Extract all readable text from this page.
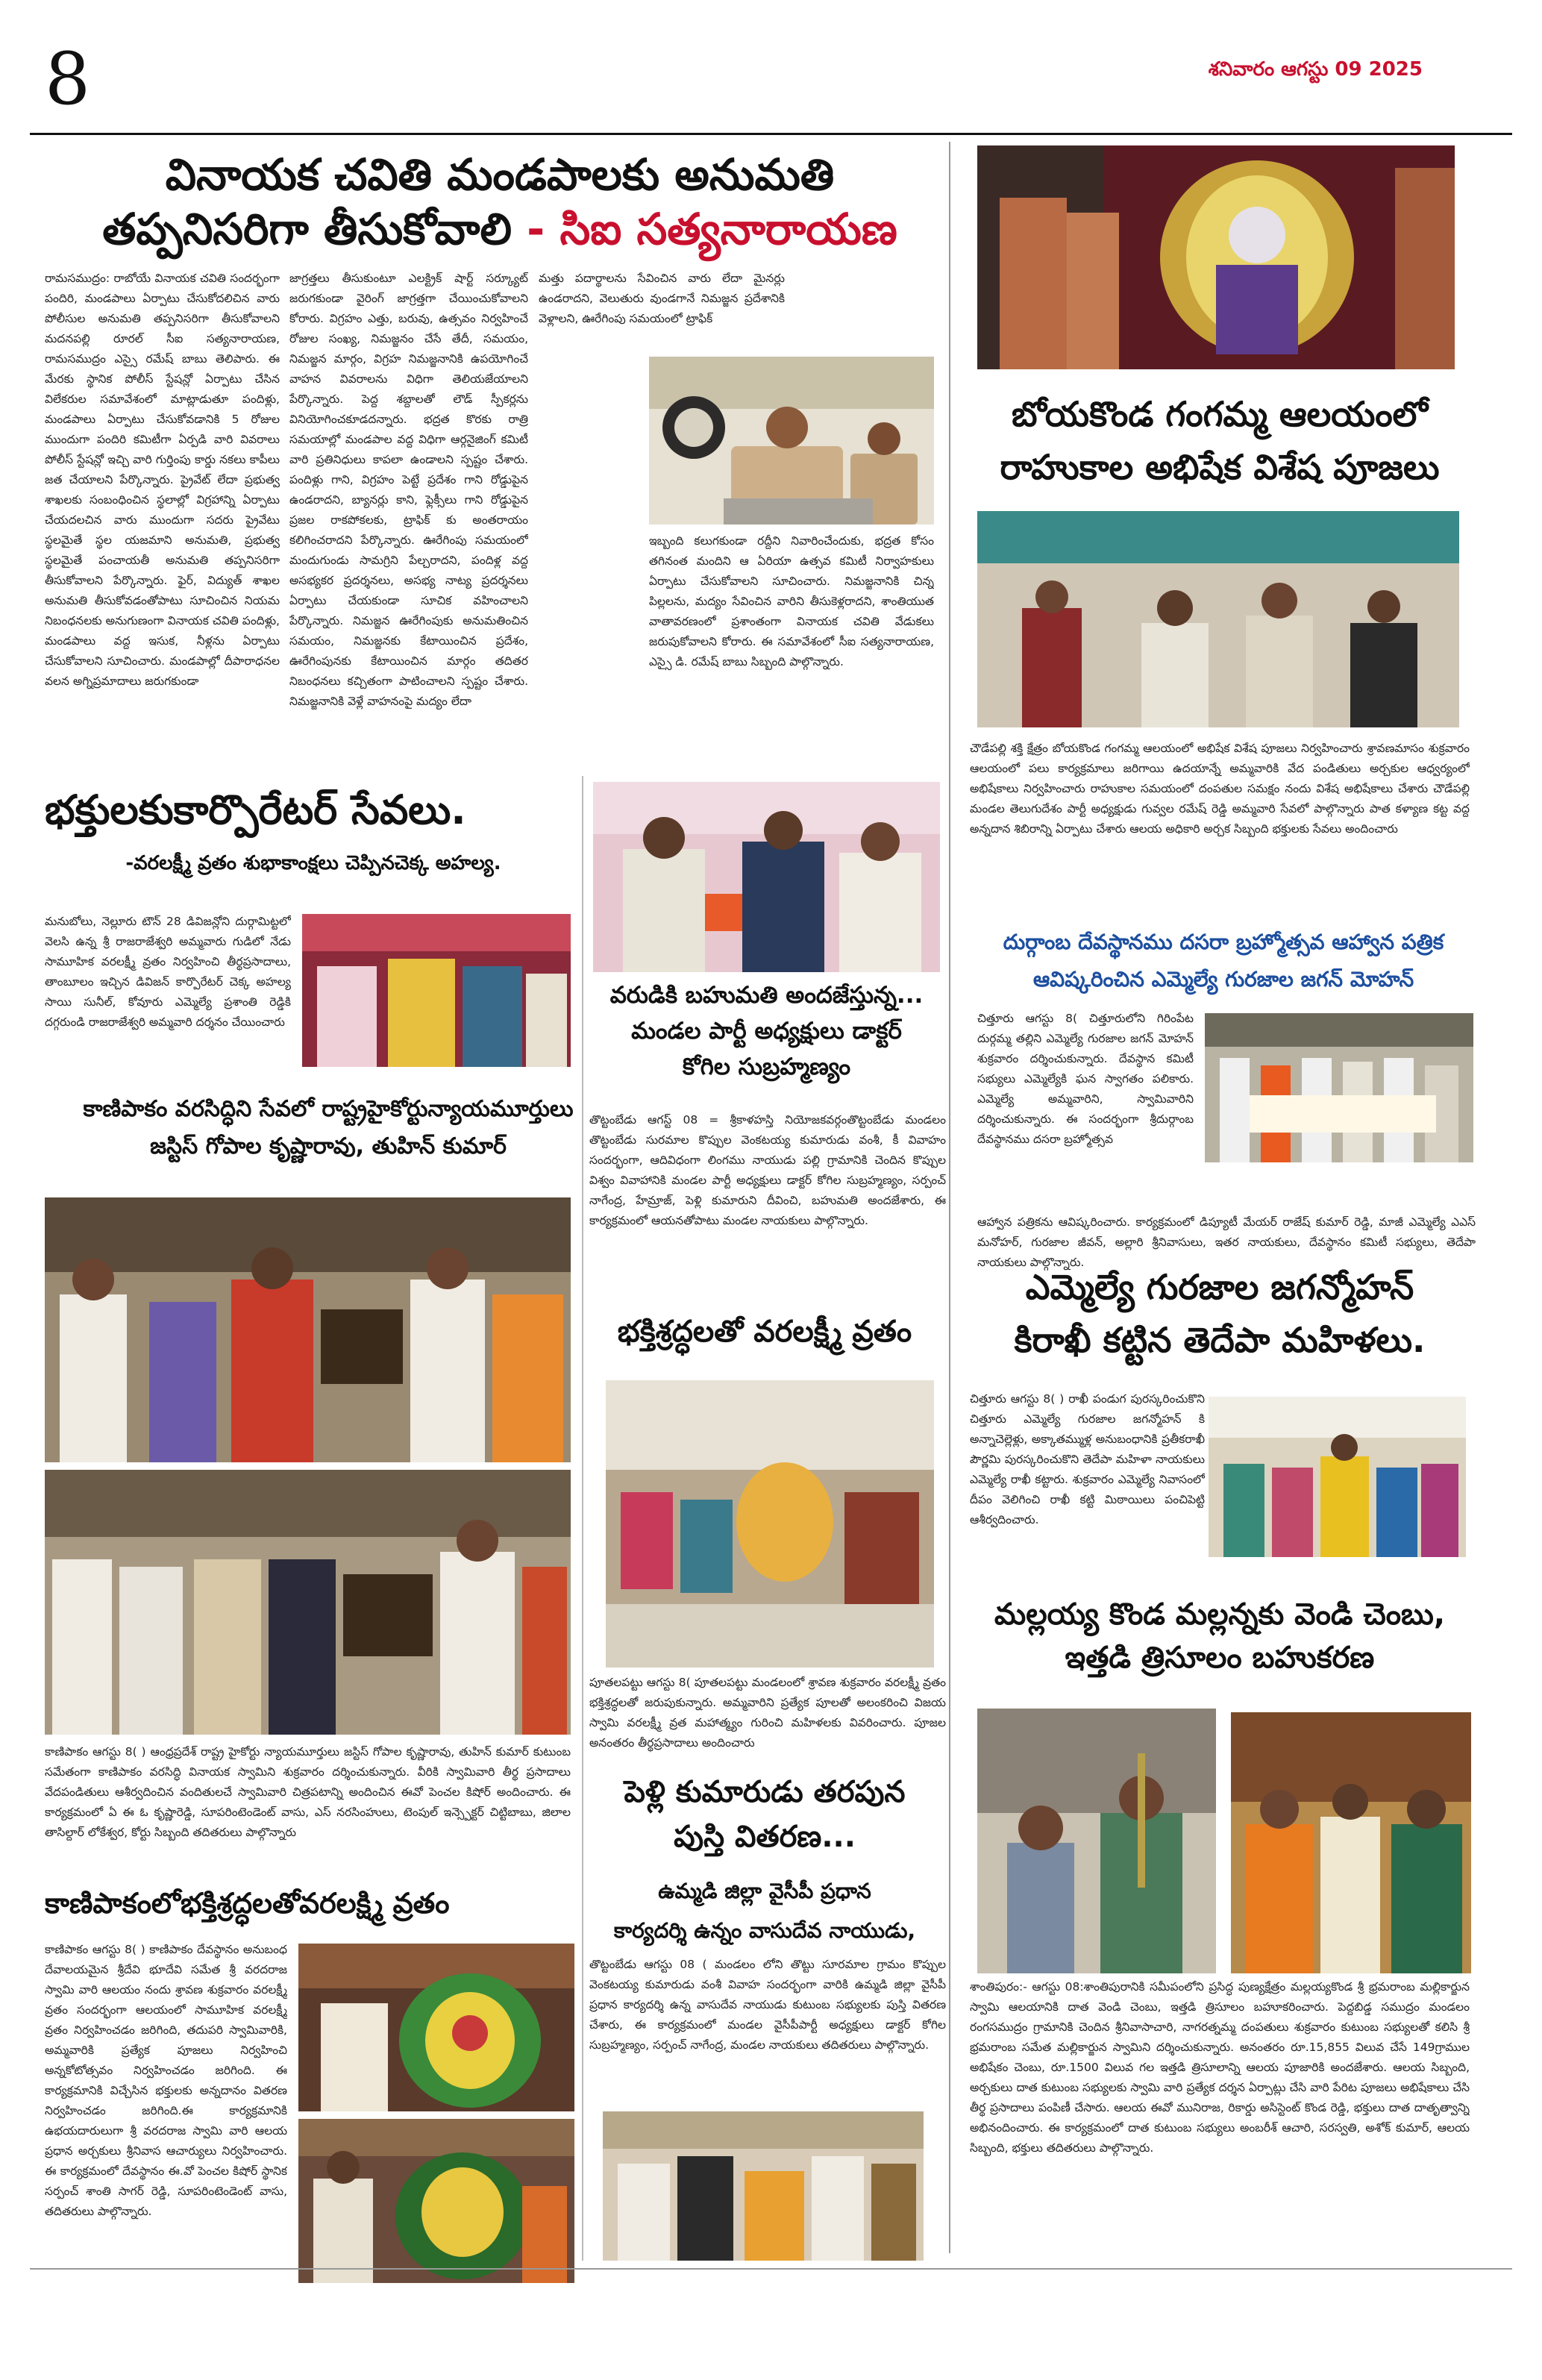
8	శనివారం ఆగస్టు 09 2025
వినాయక చవితి మండపాలకు అనుమతి
తప్పనిసరిగా తీసుకోవాలి - సిఐ సత్యనారాయణ
రామసముద్రం: రాబోయే వినాయక చవితి సందర్భంగా పందిరి, మండపాలు ఏర్పాటు చేసుకోదలిచిన వారు పోలీసుల అనుమతి తప్పనిసరిగా తీసుకోవాలని మదనపల్లి రూరల్ సీఐ సత్యనారాయణ, రామసముద్రం ఎస్సై రమేష్ బాబు తెలిపారు. ఈ మేరకు స్థానిక పోలీస్ స్టేషన్లో ఏర్పాటు చేసిన విలేకరుల సమావేశంలో మాట్లాడుతూ పందిళ్లు, మండపాలు ఏర్పాటు చేసుకోవడానికి 5 రోజుల ముందుగా పందిరి కమిటీగా ఏర్పడి వారి వివరాలు పోలీస్ స్టేషన్లో ఇచ్చి వారి గుర్తింపు కార్డు నకలు కాపీలు జత చేయాలని పేర్కొన్నారు. ప్రైవేట్ లేదా ప్రభుత్వ శాఖలకు సంబంధించిన స్థలాల్లో విగ్రహాన్ని ఏర్పాటు చేయదలచిన వారు ముందుగా సదరు ప్రైవేటు స్థలమైతే స్థల యజమాని అనుమతి, ప్రభుత్వ స్థలమైతే పంచాయతీ అనుమతి తప్పనిసరిగా తీసుకోవాలని పేర్కొన్నారు. ఫైర్, విద్యుత్ శాఖల అనుమతి తీసుకోవడంతోపాటు సూచించిన నియమ నిబంధనలకు అనుగుణంగా వినాయక చవితి పందిళ్లు, మండపాలు వద్ద ఇసుక, నీళ్లను ఏర్పాటు చేసుకోవాలని సూచించారు. మండపాల్లో దీపారాధనల వలన అగ్నిప్రమాదాలు జరుగకుండా
జాగ్రత్తలు తీసుకుంటూ ఎలక్ట్రిక్ షార్ట్ సర్క్యూట్ జరుగకుండా వైరింగ్ జాగ్రత్తగా చేయించుకోవాలని కోరారు. విగ్రహం ఎత్తు, బరువు, ఉత్సవం నిర్వహించే రోజుల సంఖ్య, నిమజ్జనం చేసే తేదీ, సమయం, నిమజ్జన మార్గం, విగ్రహ నిమజ్జనానికి ఉపయోగించే వాహన వివరాలను విధిగా తెలియజేయాలని పేర్కొన్నారు. పెద్ద శబ్దాలతో లౌడ్ స్పీకర్లను వినియోగించకూడదన్నారు. భద్రత కొరకు రాత్రి సమయాల్లో మండపాల వద్ద విధిగా ఆర్గనైజింగ్ కమిటీ వారి ప్రతినిధులు కాపలా ఉండాలని స్పష్టం చేశారు. పందిళ్లు గాని, విగ్రహం పెట్టే ప్రదేశం గాని రోడ్డుపైన ఉండరాదని, బ్యానర్లు కాని, ఫ్లెక్సీలు గాని రోడ్డుపైన ప్రజల రాకపోకలకు, ట్రాఫిక్ కు అంతరాయం కలిగించరాదని పేర్కొన్నారు. ఊరేగింపు సమయంలో మందుగుండు సామగ్రిని పేల్చరాదని, పందిళ్ల వద్ద అసభ్యకర ప్రదర్శనలు, అసభ్య నాట్య ప్రదర్శనలు ఏర్పాటు చేయకుండా సూచిక వహించాలని పేర్కొన్నారు. నిమజ్జన ఊరేగింపుకు అనుమతించిన సమయం, నిమజ్జనకు కేటాయించిన ప్రదేశం, ఊరేగింపునకు కేటాయించిన మార్గం తదితర నిబంధనలు కచ్చితంగా పాటించాలని స్పష్టం చేశారు. నిమజ్జనానికి వెళ్లే వాహనంపై మద్యం లేదా
మత్తు పదార్థాలను సేవించిన వారు లేదా మైనర్లు ఉండరాదని, వెలుతురు వుండగానే నిమజ్జన ప్రదేశానికి వెళ్లాలని, ఊరేగింపు సమయంలో ట్రాఫిక్
ఇబ్బంది కలుగకుండా రద్దీని నివారించేందుకు, భద్రత కోసం తగినంత మందిని ఆ ఏరియా ఉత్సవ కమిటీ నిర్వాహకులు ఏర్పాటు చేసుకోవాలని సూచించారు. నిమజ్జనానికి చిన్న పిల్లలను, మద్యం సేవించిన వారిని తీసుకెళ్లరాదని, శాంతియుత వాతావరణంలో ప్రశాంతంగా వినాయక చవితి వేడుకలు జరుపుకోవాలని కోరారు. ఈ సమావేశంలో సీఐ సత్యనారాయణ, ఎస్సై డి. రమేష్ బాబు సిబ్బంది పాల్గొన్నారు.
బోయకొండ గంగమ్మ ఆలయంలో
రాహుకాల అభిషేక విశేష పూజలు
చౌడేపల్లి శక్తి క్షేత్రం బోయకొండ గంగమ్మ ఆలయంలో అభిషేక విశేష పూజలు నిర్వహించారు శ్రావణమాసం శుక్రవారం ఆలయంలో పలు కార్యక్రమాలు జరిగాయి ఉదయాన్నే అమ్మవారికి వేద పండితులు అర్చకుల ఆధ్వర్యంలో అభిషేకాలు నిర్వహించారు రాహుకాల సమయంలో దంపతుల సమక్షం నందు విశేష అభిషేకాలు చేశారు చౌడేపల్లి మండల తెలుగుదేశం పార్టీ అధ్యక్షుడు గువ్వల రమేష్ రెడ్డి అమ్మవారి సేవలో పాల్గొన్నారు పాత కళ్యాణ కట్ట వద్ద అన్నదాన శిబిరాన్ని ఏర్పాటు చేశారు ఆలయ అధికారి అర్చక సిబ్బంది భక్తులకు సేవలు అందించారు
దుర్గాంబ దేవస్థానము దసరా బ్రహ్మోత్సవ ఆహ్వాన పత్రిక
ఆవిష్కరించిన ఎమ్మెల్యే గురజాల జగన్ మోహన్
చిత్తూరు ఆగస్టు 8( చిత్తూరులోని గిరింపేట దుర్గమ్మ తల్లిని ఎమ్మెల్యే గురజాల జగన్ మోహన్ శుక్రవారం దర్శించుకున్నారు. దేవస్థాన కమిటీ సభ్యులు ఎమ్మెల్యేకి ఘన స్వాగతం పలికారు. ఎమ్మెల్యే అమ్మవారిని, స్వామివారిని దర్శించుకున్నారు. ఈ సందర్భంగా శ్రీదుర్గాంబ దేవస్థానము దసరా బ్రహ్మోత్సవ
ఆహ్వాన పత్రికను ఆవిష్కరించారు. కార్యక్రమంలో డిప్యూటీ మేయర్ రాజేష్ కుమార్ రెడ్డి, మాజీ ఎమ్మెల్యే ఎఎస్ మనోహర్, గురజాల జీవన్, అల్లారి శ్రీనివాసులు, ఇతర నాయకులు, దేవస్థానం కమిటీ సభ్యులు, తెదేపా నాయకులు పాల్గొన్నారు.
ఎమ్మెల్యే గురజాల జగన్మోహన్
కిరాఖీ కట్టిన తెదేపా మహిళలు.
చిత్తూరు ఆగస్టు 8( ) రాఖీ పండుగ పురస్కరించుకొని చిత్తూరు ఎమ్మెల్యే గురజాల జగన్మోహన్ కి అన్నాచెల్లెళ్లు, అక్కాతమ్ముళ్ల అనుబంధానికి ప్రతీకరాఖీ పౌర్ణమి పురస్కరించుకొని తెదేపా మహిళా నాయకులు ఎమ్మెల్యే రాఖీ కట్టారు. శుక్రవారం ఎమ్మెల్యే నివాసంలో దీపం వెలిగించి రాఖీ కట్టి మిఠాయిలు పంచిపెట్టి ఆశీర్వదించారు.
మల్లయ్య కొండ మల్లన్నకు వెండి చెంబు,
ఇత్తడి త్రిసూలం బహుకరణ
శాంతిపురం:- ఆగస్టు 08:శాంతిపురానికి సమీపంలోని ప్రసిద్ధ పుణ్యక్షేత్రం మల్లయ్యకొండ శ్రీ భ్రమరాంబ మల్లికార్జున స్వామి ఆలయానికి దాత వెండి చెంబు, ఇత్తడి త్రిసూలం బహూకరించారు. పెద్దబిడ్డ సముద్రం మండలం రంగసముద్రం గ్రామానికి చెందిన శ్రీనివాసాచారి, నాగరత్నమ్మ దంపతులు శుక్రవారం కుటుంబ సభ్యులతో కలిసి శ్రీ భ్రమరాంబ సమేత మల్లికార్జున స్వామిని దర్శించుకున్నారు. అనంతరం రూ.15,855 విలువ చేసే 149గ్రాముల అభిషేకం చెంబు, రూ.1500 విలువ గల ఇత్తడి త్రిసూలాన్ని ఆలయ పూజారికి అందజేశారు. ఆలయ సిబ్బంది, అర్చకులు దాత కుటుంబ సభ్యులకు స్వామి వారి ప్రత్యేక దర్శన ఏర్పాట్లు చేసి వారి పేరిట పూజలు అభిషేకాలు చేసి తీర్థ ప్రసాదాలు పంపిణీ చేసారు. ఆలయ ఈవో మునిరాజ, రికార్డు అసిస్టెంట్ కొండ రెడ్డి, భక్తులు దాత దాతృత్వాన్ని అభినందించారు. ఈ కార్యక్రమంలో దాత కుటుంబ సభ్యులు అంబరీశ్ ఆచారి, సరస్వతి, అశోక్ కుమార్, ఆలయ సిబ్బంది, భక్తులు తదితరులు పాల్గొన్నారు.
భక్తులకుకార్పొరేటర్ సేవలు.
-వరలక్ష్మీ వ్రతం శుభాకాంక్షలు చెప్పినచెక్క అహల్య.
మనుబోలు, నెల్లూరు టౌన్ 28 డివిజన్లోని దుర్గామిట్టలో వెలసి ఉన్న శ్రీ రాజరాజేశ్వరి అమ్మవారు గుడిలో నేడు సామూహిక వరలక్ష్మీ వ్రతం నిర్వహించి తీర్థప్రసాదాలు, తాంబూలం ఇచ్చిన డివిజన్ కార్పొరేటర్ చెక్క అహల్య సాయి సునీల్, కోవూరు ఎమ్మెల్యే ప్రశాంతి రెడ్డికి దగ్గరుండి రాజరాజేశ్వరి అమ్మవారి దర్శనం చేయించారు
కాణిపాకం వరసిద్ధిని సేవలో రాష్ట్రహైకోర్టున్యాయమూర్తులు
జస్టిస్ గోపాల కృష్ణారావు, తుహిన్ కుమార్
కాణిపాకం ఆగస్టు 8( ) ఆంధ్రప్రదేశ్ రాష్ట్ర హైకోర్టు న్యాయమూర్తులు జస్టిస్ గోపాల కృష్ణారావు, తుహిన్ కుమార్ కుటుంబ సమేతంగా కాణిపాకం వరసిద్ధి వినాయక స్వామిని శుక్రవారం దర్శించుకున్నారు. వీరికి స్వామివారి తీర్థ ప్రసాదాలు వేదపండితులు ఆశీర్వదించిన వందితులచే స్వామివారి చిత్రపటాన్ని అందించిన ఈవో పెంచల కిషోర్ అందించారు. ఈ కార్యక్రమంలో ఏ ఈ ఓ కృష్ణారెడ్డి, సూపరింటెండెంట్ వాసు, ఎస్ నరసింహులు, టెంపుల్ ఇన్స్పెక్టర్ చిట్టిబాబు, జిలాల తాసిల్దార్ లోకేశ్వర, కోర్టు సిబ్బంది తదితరులు పాల్గొన్నారు
కాణిపాకంలోభక్తిశ్రద్ధలతోవరలక్ష్మి వ్రతం
కాణిపాకం ఆగస్టు 8( ) కాణిపాకం దేవస్థానం అనుబంధ దేవాలయమైన శ్రీదేవి భూదేవి సమేత శ్రీ వరదరాజ స్వామి వారి ఆలయం నందు శ్రావణ శుక్రవారం వరలక్ష్మీ వ్రతం సందర్భంగా ఆలయంలో సామూహిక వరలక్ష్మీ వ్రతం నిర్వహించడం జరిగింది, తదుపరి స్వామివారికి, అమ్మవారికి ప్రత్యేక పూజలు నిర్వహించి అన్నకోటోత్సవం నిర్వహించడం జరిగింది. ఈ కార్యక్రమానికి విచ్చేసిన భక్తులకు అన్నదానం వితరణ నిర్వహించడం జరిగింది.ఈ కార్యక్రమానికి ఉభయదారులుగా శ్రీ వరదరాజ స్వామి వారి ఆలయ ప్రధాన అర్చకులు శ్రీనివాస ఆచార్యులు నిర్వహించారు. ఈ కార్యక్రమంలో దేవస్థానం ఈ.వో పెంచల కిషోర్ స్థానిక సర్పంచ్ శాంతి సాగర్ రెడ్డి, సూపరింటెండెంట్ వాసు, తదితరులు పాల్గొన్నారు.
వరుడికి బహుమతి అందజేస్తున్న...
మండల పార్టీ అధ్యక్షులు డాక్టర్
కోగిల సుబ్రహ్మణ్యం
తొట్టంబేడు ఆగస్ట్ 08 = శ్రీకాళహస్తి నియోజకవర్గంతొట్టంబేడు మండలం తొట్టంబేడు సురమాల కొప్పుల వెంకటయ్య కుమారుడు వంశీ, కీ వివాహం సందర్భంగా, ఆదివిధంగా లింగము నాయుడు పల్లి గ్రామానికి చెందిన కొప్పుల విశ్వం వివాహానికి మండల పార్టీ అధ్యక్షులు డాక్టర్ కోగిల సుబ్రహ్మణ్యం, సర్పంచ్ నాగేంద్ర, హేమ్రాజ్, పెళ్లి కుమారుని దీవించి, బహుమతి అందజేశారు, ఈ కార్యక్రమంలో ఆయనతోపాటు మండల నాయకులు పాల్గొన్నారు.
భక్తిశ్రద్ధలతో వరలక్ష్మీ వ్రతం
పూతలపట్టు ఆగస్టు 8( పూతలపట్టు మండలంలో శ్రావణ శుక్రవారం వరలక్ష్మీ వ్రతం భక్తిశ్రద్ధలతో జరుపుకున్నారు. అమ్మవారిని ప్రత్యేక పూలతో అలంకరించి విజయ స్వామి వరలక్ష్మీ వ్రత మహాత్మ్యం గురించి మహిళలకు వివరించారు. పూజల అనంతరం తీర్థప్రసాదాలు అందించారు
పెళ్లి కుమారుడు తరపున
పుస్తి వితరణ...
ఉమ్మడి జిల్లా వైసీపీ ప్రధాన
కార్యదర్శి ఉన్నం వాసుదేవ నాయుడు,
తొట్టంబేడు ఆగస్టు 08 ( మండలం లోని తొట్టు సూరమాల గ్రామం కొప్పుల వెంకటయ్య కుమారుడు వంశీ వివాహ సందర్భంగా వారికి ఉమ్మడి జిల్లా వైసీపీ ప్రధాన కార్యదర్శి ఉన్న వాసుదేవ నాయుడు కుటుంబ సభ్యులకు పుస్తి వితరణ చేశారు, ఈ కార్యక్రమంలో మండల వైసీపీపార్టీ అధ్యక్షులు డాక్టర్ కోగిల సుబ్రహ్మణ్యం, సర్పంచ్ నాగేంద్ర, మండల నాయకులు తదితరులు పాల్గొన్నారు.
